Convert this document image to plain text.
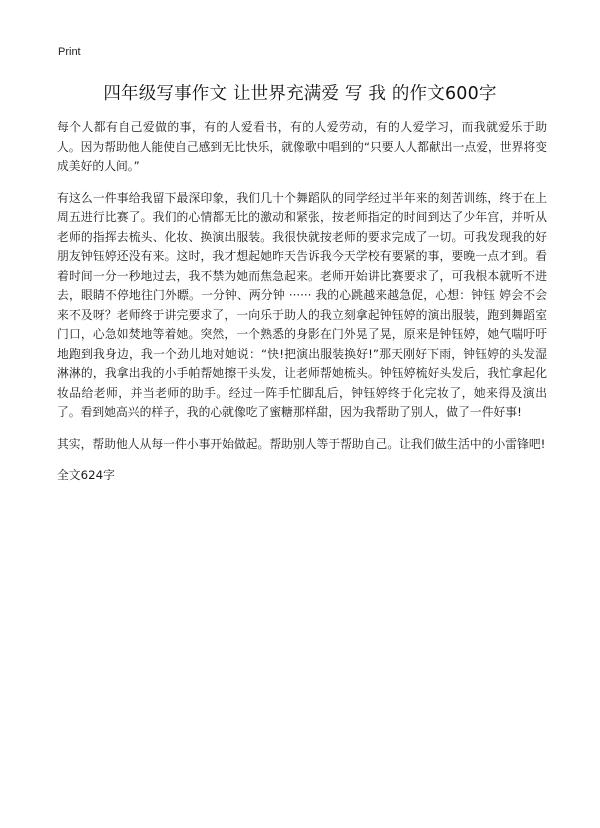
Print
四年级写事作文 让世界充满爱 写 我 的作文600字

每个人都有自己爱做的事，有的人爱看书，有的人爱劳动，有的人爱学习，而我就爱乐于助人。因为帮助他人能使自己感到无比快乐，就像歌中唱到的“只要人人都献出一点爱，世界将变成美好的人间。”

有这么一件事给我留下最深印象，我们几十个舞蹈队的同学经过半年来的刻苦训练，终于在上周五进行比赛了。我们的心情都无比的激动和紧张，按老师指定的时间到达了少年宫，并听从老师的指挥去梳头、化妆、换演出服装。我很快就按老师的要求完成了一切。可我发现我的好朋友钟钰婷还没有来。这时，我才想起她昨天告诉我今天学校有要紧的事，要晚一点才到。看着时间一分一秒地过去，我不禁为她而焦急起来。老师开始讲比赛要求了，可我根本就听不进去，眼睛不停地往门外瞟。一分钟、两分钟 ······ 我的心跳越来越急促，心想：钟钰 婷会不会来不及呀？老师终于讲完要求了，一向乐于助人的我立刻拿起钟钰婷的演出服装，跑到舞蹈室门口，心急如焚地等着她。突然，一个熟悉的身影在门外晃了晃，原来是钟钰婷，她气喘吁吁地跑到我身边，我一个劲儿地对她说：“快!把演出服装换好!”那天刚好下雨，钟钰婷的头发湿淋淋的，我拿出我的小手帕帮她擦干头发，让老师帮她梳头。钟钰婷梳好头发后，我忙拿起化妆品给老师，并当老师的助手。经过一阵手忙脚乱后，钟钰婷终于化完妆了，她来得及演出了。看到她高兴的样子，我的心就像吃了蜜糖那样甜，因为我帮助了别人，做了一件好事!

其实，帮助他人从每一件小事开始做起。帮助别人等于帮助自己。让我们做生活中的小雷锋吧!

全文624字
